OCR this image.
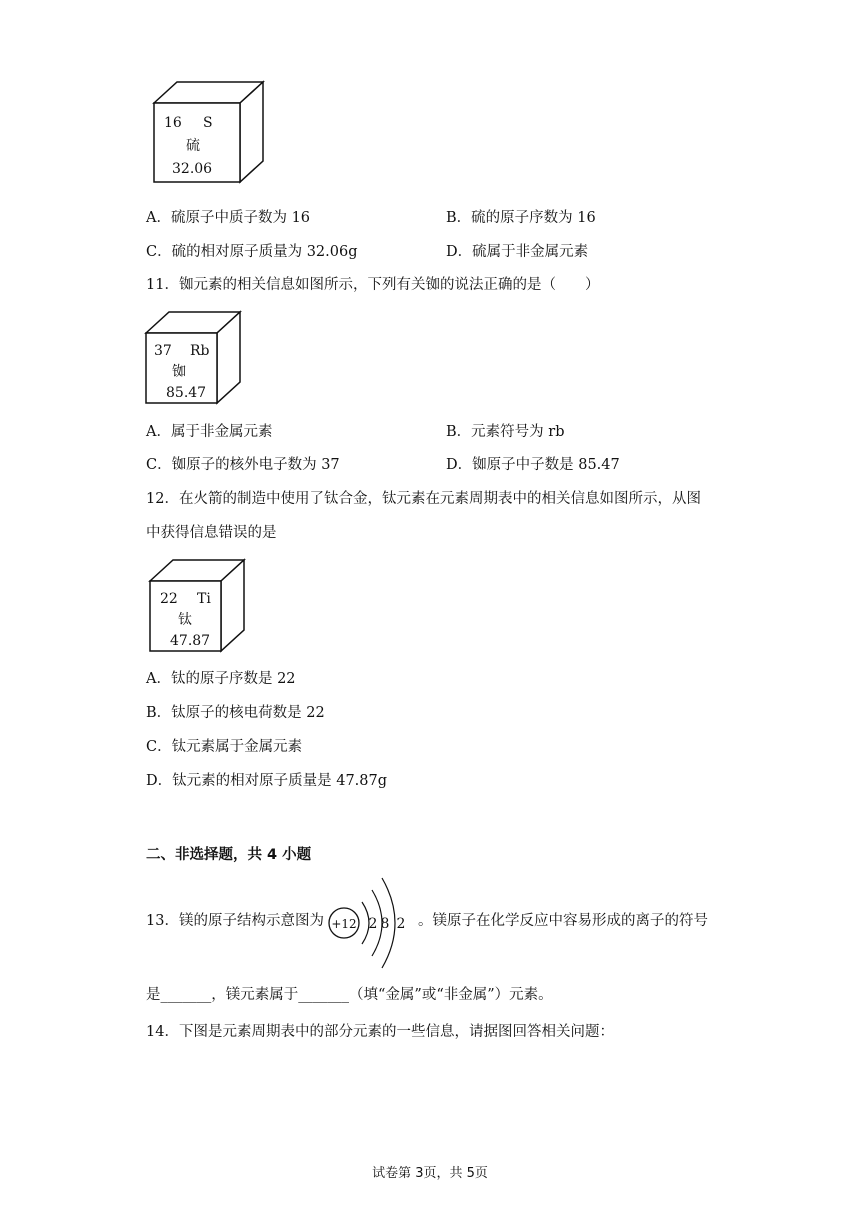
16 S
硫
32.06
A．硫原子中质子数为 16	B．硫的原子序数为 16
C．硫的相对原子质量为 32.06g	D．硫属于非金属元素
11．铷元素的相关信息如图所示，下列有关铷的说法正确的是（　　）
37 Rb
铷
85.47
A．属于非金属元素	B．元素符号为 rb
C．铷原子的核外电子数为 37	D．铷原子中子数是 85.47
12．在火箭的制造中使用了钛合金，钛元素在元素周期表中的相关信息如图所示，从图
中获得信息错误的是
22 Ti
钛
47.87
A．钛的原子序数是 22
B．钛原子的核电荷数是 22
C．钛元素属于金属元素
D．钛元素的相对原子质量是 47.87g
二、非选择题，共 4 小题
13．镁的原子结构示意图为 +12 2 8 2 。镁原子在化学反应中容易形成的离子的符号
是_______，镁元素属于_______（填“金属”或“非金属”）元素。
14．下图是元素周期表中的部分元素的一些信息，请据图回答相关问题：
试卷第 3页，共 5页
